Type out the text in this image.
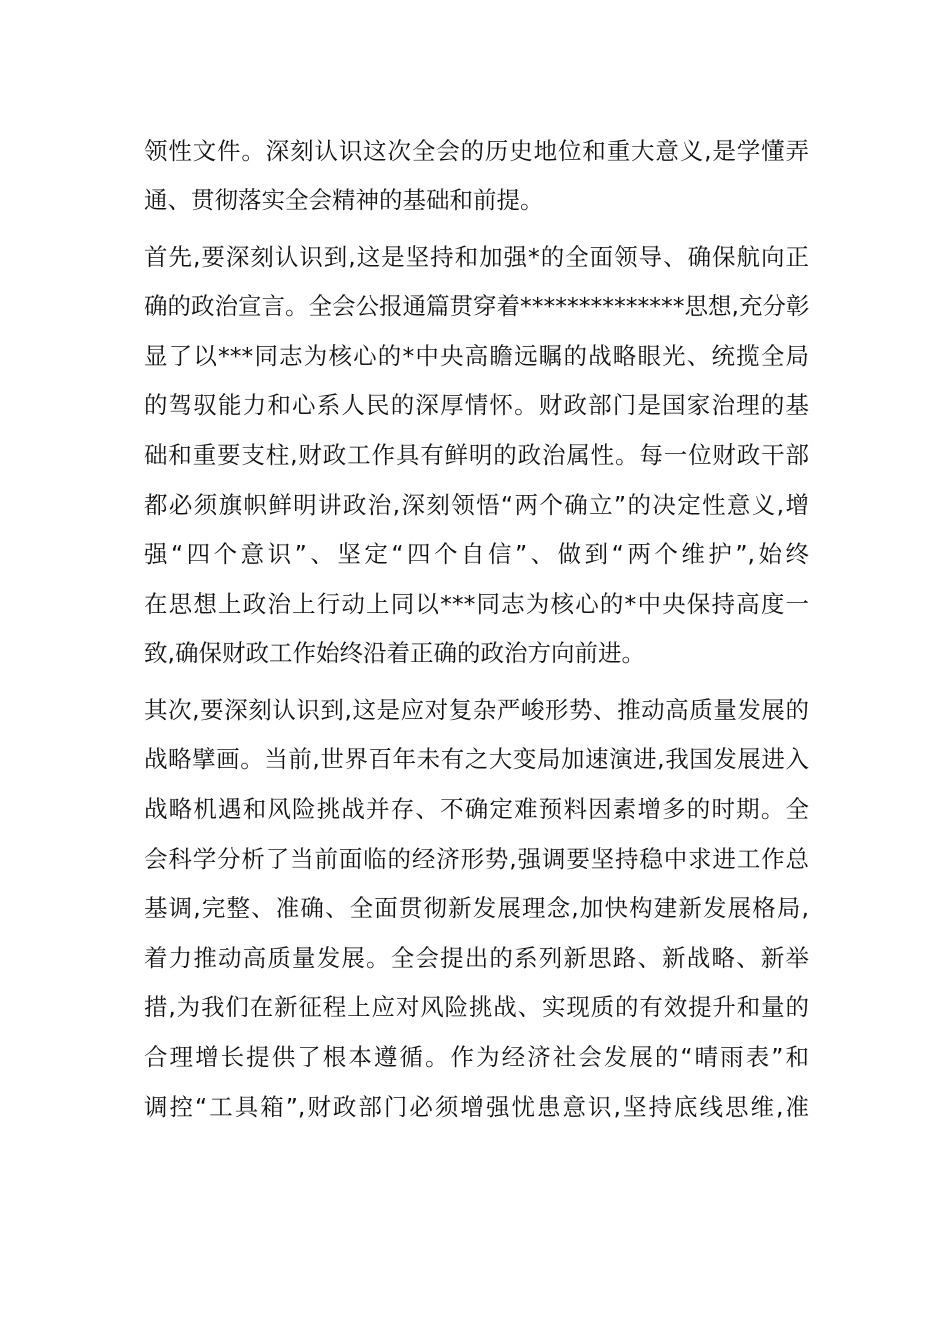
领性文件。深刻认识这次全会的历史地位和重大意义,是学懂弄
通、贯彻落实全会精神的基础和前提。
首先,要深刻认识到,这是坚持和加强*的全面领导、确保航向正
确的政治宣言。全会公报通篇贯穿着**************思想,充分彰
显了以***同志为核心的*中央高瞻远瞩的战略眼光、统揽全局
的驾驭能力和心系人民的深厚情怀。财政部门是国家治理的基
础和重要支柱,财政工作具有鲜明的政治属性。每一位财政干部
都必须旗帜鲜明讲政治,深刻领悟“两个确立”的决定性意义,增
强“四个意识”、坚定“四个自信”、做到“两个维护”,始终
在思想上政治上行动上同以***同志为核心的*中央保持高度一
致,确保财政工作始终沿着正确的政治方向前进。
其次,要深刻认识到,这是应对复杂严峻形势、推动高质量发展的
战略擘画。当前,世界百年未有之大变局加速演进,我国发展进入
战略机遇和风险挑战并存、不确定难预料因素增多的时期。全
会科学分析了当前面临的经济形势,强调要坚持稳中求进工作总
基调,完整、准确、全面贯彻新发展理念,加快构建新发展格局,
着力推动高质量发展。全会提出的系列新思路、新战略、新举
措,为我们在新征程上应对风险挑战、实现质的有效提升和量的
合理增长提供了根本遵循。作为经济社会发展的“晴雨表”和
调控“工具箱”,财政部门必须增强忧患意识,坚持底线思维,准
